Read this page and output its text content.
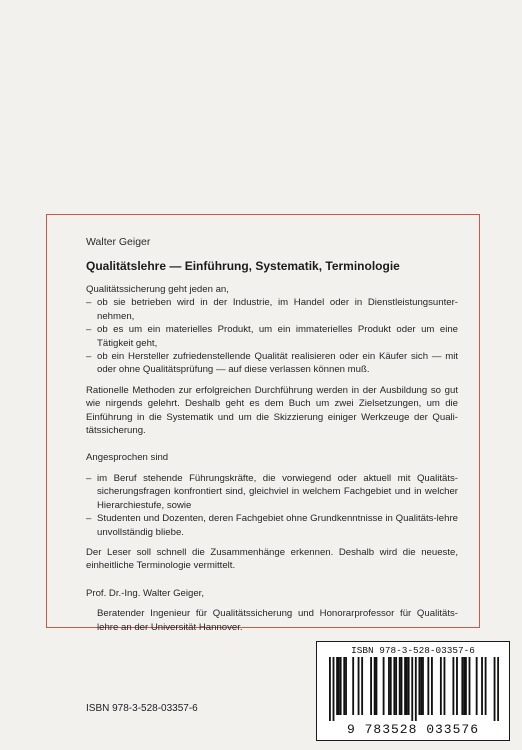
Walter Geiger
Qualitätslehre — Einführung, Systematik, Terminologie

Qualitätssicherung geht jeden an,

– ob sie betrieben wird in der Industrie, im Handel oder in Dienstleistungsunter-nehmen,
– ob es um ein materielles Produkt, um ein immaterielles Produkt oder um eine Tätigkeit geht,
– ob ein Hersteller zufriedenstellende Qualität realisieren oder ein Käufer sich — mit oder ohne Qualitätsprüfung — auf diese verlassen können muß.

Rationelle Methoden zur erfolgreichen Durchführung werden in der Ausbildung so gut wie nirgends gelehrt. Deshalb geht es dem Buch um zwei Zielsetzungen, um die Einführung in die Systematik und um die Skizzierung einiger Werkzeuge der Quali-tätssicherung.

Angesprochen sind

– im Beruf stehende Führungskräfte, die vorwiegend oder aktuell mit Qualitäts-sicherungsfragen konfrontiert sind, gleichviel in welchem Fachgebiet und in welcher Hierarchiestufe, sowie
– Studenten und Dozenten, deren Fachgebiet ohne Grundkenntnisse in Qualitäts-lehre unvollständig bliebe.

Der Leser soll schnell die Zusammenhänge erkennen. Deshalb wird die neueste, einheitliche Terminologie vermittelt.

Prof. Dr.-Ing. Walter Geiger,

Beratender Ingenieur für Qualitätssicherung und Honorarprofessor für Qualitäts-lehre an der Universität Hannover.

ISBN 978-3-528-03357-6
9 783528 033576
ISBN 978-3-528-03357-6
